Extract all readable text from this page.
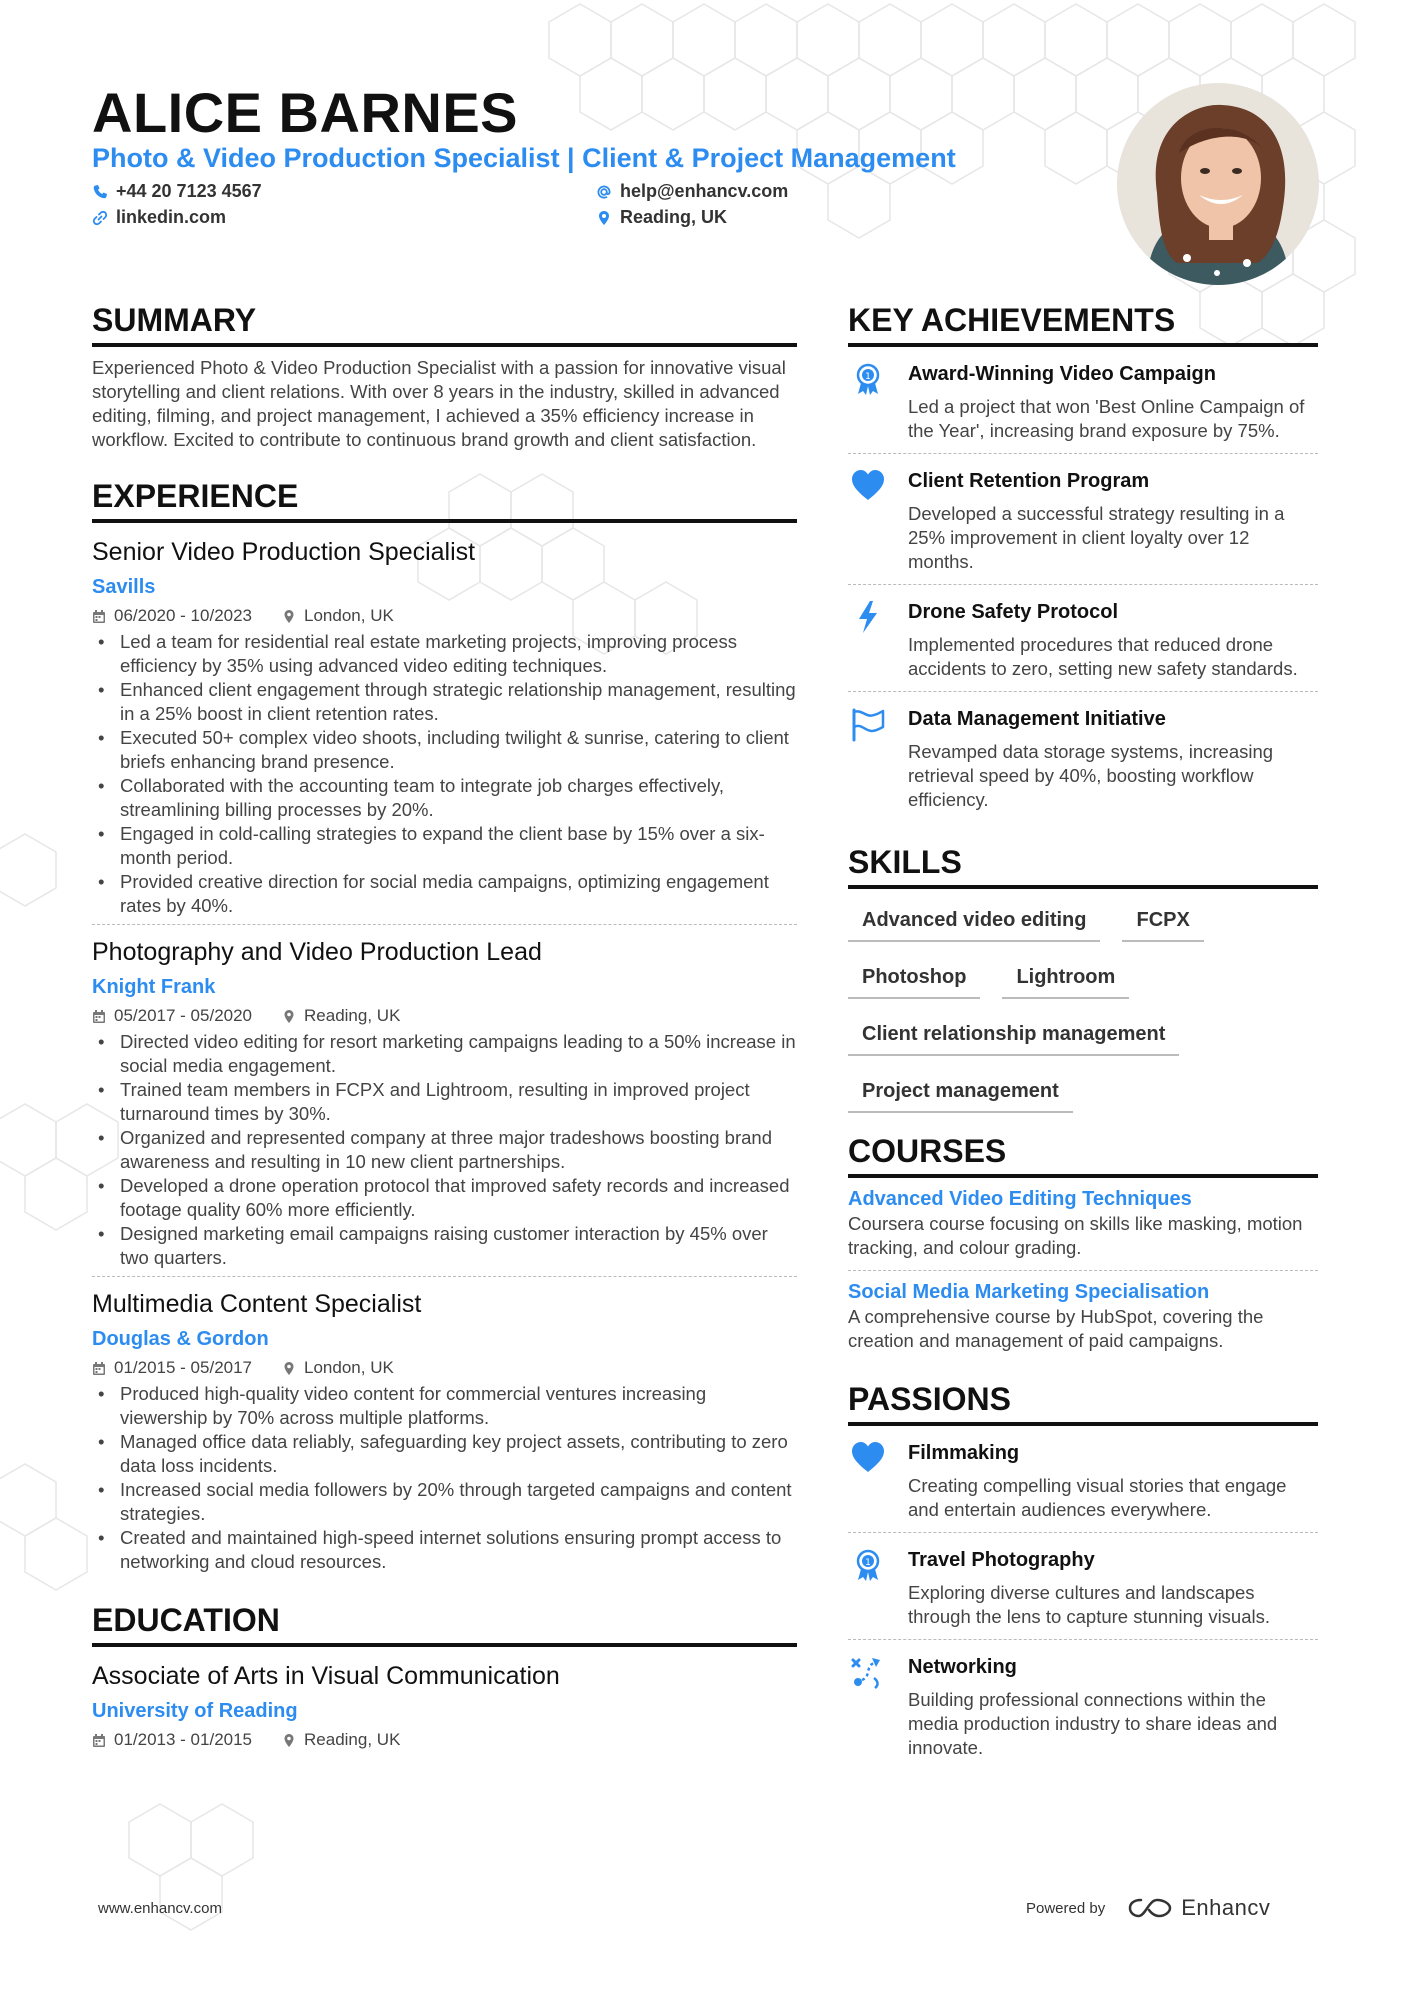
ALICE BARNES
Photo & Video Production Specialist | Client & Project Management
+44 20 7123 4567	help@enhancv.com
linkedin.com	Reading, UK
SUMMARY

Experienced Photo & Video Production Specialist with a passion for innovative visual storytelling and client relations. With over 8 years in the industry, skilled in advanced editing, filming, and project management, I achieved a 35% efficiency increase in workflow. Excited to contribute to continuous brand growth and client satisfaction.

EXPERIENCE
Senior Video Production Specialist
Savills
06/2020 - 10/2023	London, UK
• Led a team for residential real estate marketing projects, improving process efficiency by 35% using advanced video editing techniques.
• Enhanced client engagement through strategic relationship management, resulting in a 25% boost in client retention rates.
• Executed 50+ complex video shoots, including twilight & sunrise, catering to client briefs enhancing brand presence.
• Collaborated with the accounting team to integrate job charges effectively, streamlining billing processes by 20%.
• Engaged in cold-calling strategies to expand the client base by 15% over a six-month period.
• Provided creative direction for social media campaigns, optimizing engagement rates by 40%.
Photography and Video Production Lead
Knight Frank
05/2017 - 05/2020	Reading, UK
• Directed video editing for resort marketing campaigns leading to a 50% increase in social media engagement.
• Trained team members in FCPX and Lightroom, resulting in improved project turnaround times by 30%.
• Organized and represented company at three major tradeshows boosting brand awareness and resulting in 10 new client partnerships.
• Developed a drone operation protocol that improved safety records and increased footage quality 60% more efficiently.
• Designed marketing email campaigns raising customer interaction by 45% over two quarters.
Multimedia Content Specialist
Douglas & Gordon
01/2015 - 05/2017	London, UK
• Produced high-quality video content for commercial ventures increasing viewership by 70% across multiple platforms.
• Managed office data reliably, safeguarding key project assets, contributing to zero data loss incidents.
• Increased social media followers by 20% through targeted campaigns and content strategies.
• Created and maintained high-speed internet solutions ensuring prompt access to networking and cloud resources.
EDUCATION
Associate of Arts in Visual Communication
University of Reading
01/2013 - 01/2015	Reading, UK
KEY ACHIEVEMENTS
1 Award-Winning Video Campaign
Led a project that won 'Best Online Campaign of the Year', increasing brand exposure by 75%.
Client Retention Program
Developed a successful strategy resulting in a 25% improvement in client loyalty over 12 months.
Drone Safety Protocol
Implemented procedures that reduced drone accidents to zero, setting new safety standards.
Data Management Initiative
Revamped data storage systems, increasing retrieval speed by 40%, boosting workflow efficiency.
SKILLS
Advanced video editing	FCPX
Photoshop	Lightroom
Client relationship management
Project management
COURSES
Advanced Video Editing Techniques
Coursera course focusing on skills like masking, motion tracking, and colour grading.
Social Media Marketing Specialisation
A comprehensive course by HubSpot, covering the creation and management of paid campaigns.
PASSIONS
Filmmaking
Creating compelling visual stories that engage and entertain audiences everywhere.
1 Travel Photography
Exploring diverse cultures and landscapes through the lens to capture stunning visuals.
Networking
Building professional connections within the media production industry to share ideas and innovate.
www.enhancv.com	Powered by	Enhancv
